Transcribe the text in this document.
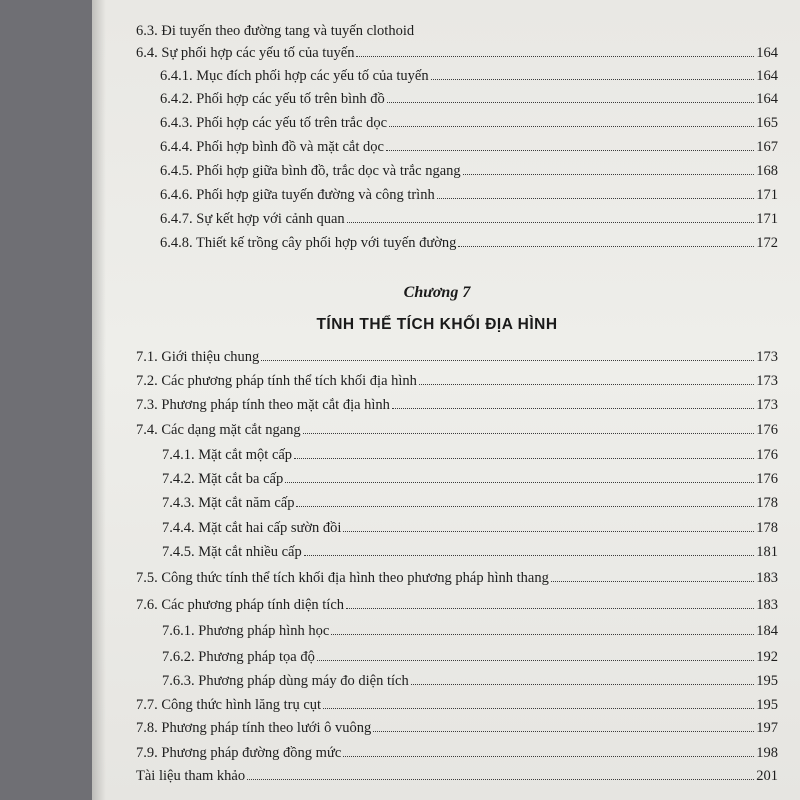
6.3. Đi tuyến theo đường tang và tuyến clothoid
6.4. Sự phối hợp các yếu tố của tuyến	164
6.4.1. Mục đích phối hợp các yếu tố của tuyến	164
6.4.2. Phối hợp các yếu tố trên bình đồ	164
6.4.3. Phối hợp các yếu tố trên trắc dọc	165
6.4.4. Phối hợp bình đồ và mặt cắt dọc	167
6.4.5. Phối hợp giữa bình đồ, trắc dọc và trắc ngang	168
6.4.6. Phối hợp giữa tuyến đường và công trình	171
6.4.7. Sự kết hợp với cảnh quan	171
6.4.8. Thiết kế trồng cây phối hợp với tuyến đường	172
Chương 7
TÍNH THỂ TÍCH KHỐI ĐỊA HÌNH
7.1. Giới thiệu chung	173
7.2. Các phương pháp tính thể tích khối địa hình	173
7.3. Phương pháp tính theo mặt cắt địa hình	173
7.4. Các dạng mặt cắt ngang	176
7.4.1. Mặt cắt một cấp	176
7.4.2. Mặt cắt ba cấp	176
7.4.3. Mặt cắt năm cấp	178
7.4.4. Mặt cắt hai cấp sườn đồi	178
7.4.5. Mặt cắt nhiều cấp	181
7.5. Công thức tính thể tích khối địa hình theo phương pháp hình thang	183
7.6. Các phương pháp tính diện tích	183
7.6.1. Phương pháp hình học	184
7.6.2. Phương pháp tọa độ	192
7.6.3. Phương pháp dùng máy đo diện tích	195
7.7. Công thức hình lăng trụ cụt	195
7.8. Phương pháp tính theo lưới ô vuông	197
7.9. Phương pháp đường đồng mức	198
Tài liệu tham khảo	201
